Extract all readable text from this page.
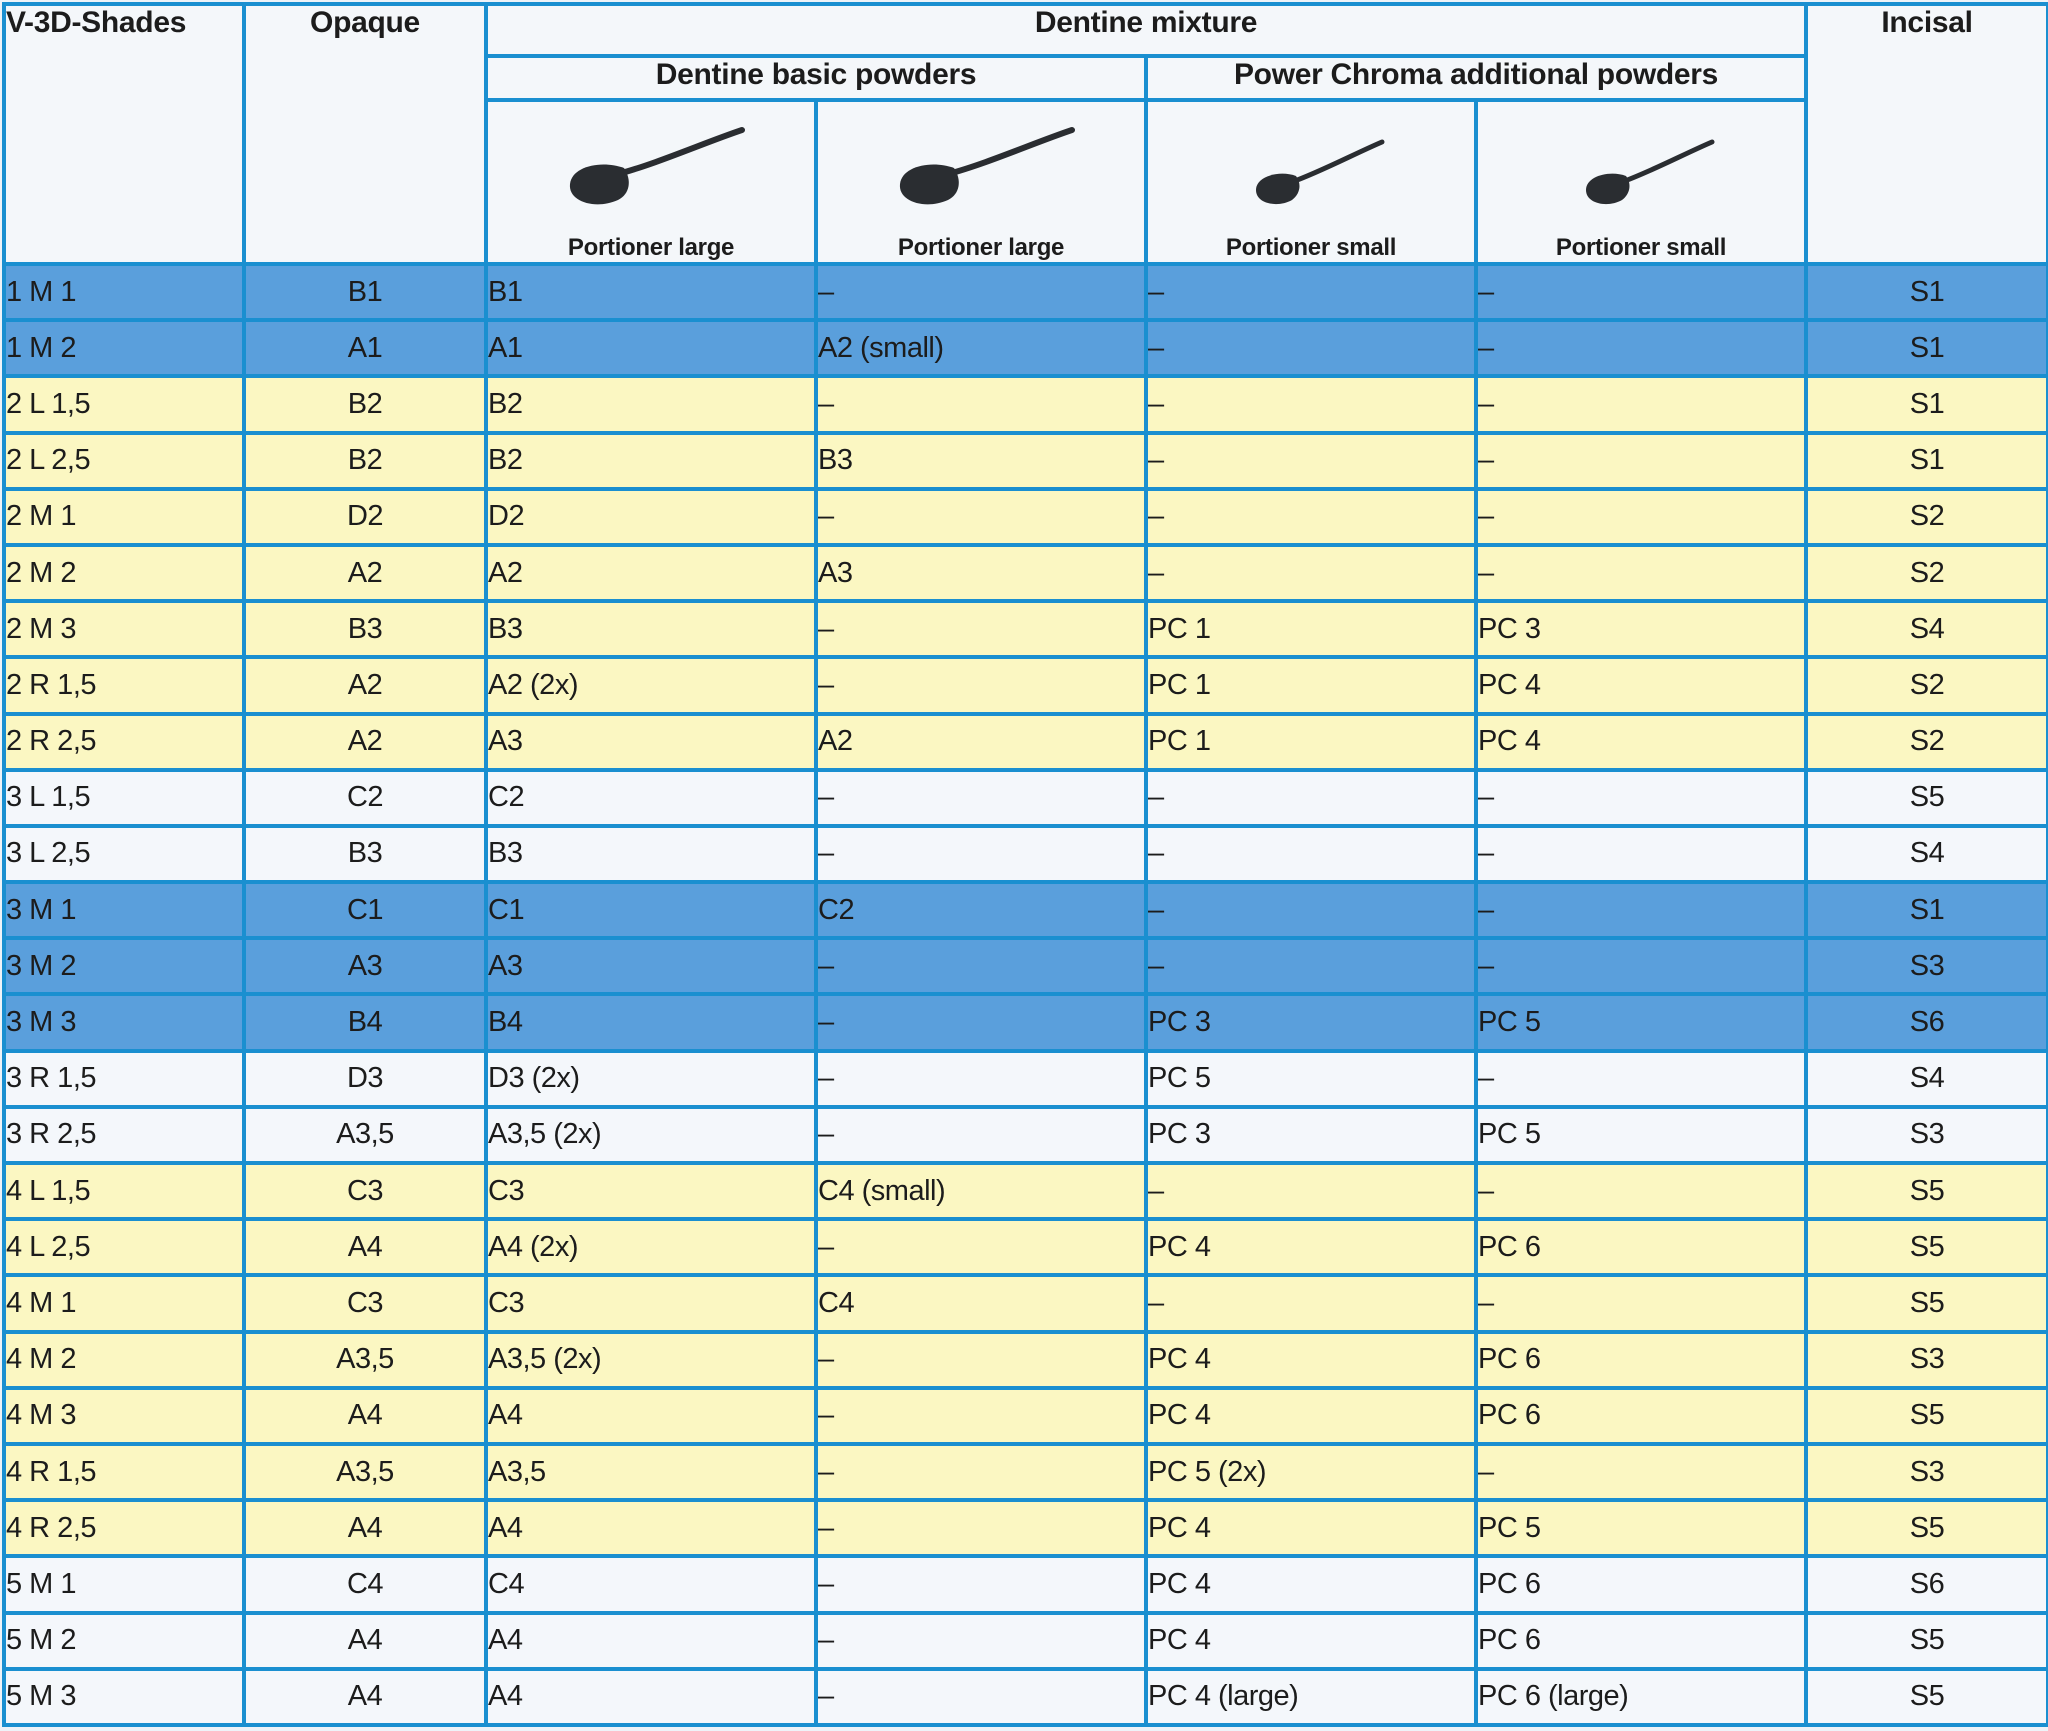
V-3D-Shades	Opaque	Dentine mixture				Incisal
		Dentine basic powders		Power Chroma additional powders		

		Portioner large	Portioner large	Portioner small	Portioner small	

1 M 1	B1	B1	–	–	–	S1
1 M 2	A1	A1	A2 (small)	–	–	S1
2 L 1,5	B2	B2	–	–	–	S1
2 L 2,5	B2	B2	B3	–	–	S1
2 M 1	D2	D2	–	–	–	S2
2 M 2	A2	A2	A3	–	–	S2
2 M 3	B3	B3	–	PC 1	PC 3	S4
2 R 1,5	A2	A2 (2x)	–	PC 1	PC 4	S2
2 R 2,5	A2	A3	A2	PC 1	PC 4	S2
3 L 1,5	C2	C2	–	–	–	S5
3 L 2,5	B3	B3	–	–	–	S4
3 M 1	C1	C1	C2	–	–	S1
3 M 2	A3	A3	–	–	–	S3
3 M 3	B4	B4	–	PC 3	PC 5	S6
3 R 1,5	D3	D3 (2x)	–	PC 5	–	S4
3 R 2,5	A3,5	A3,5 (2x)	–	PC 3	PC 5	S3
4 L 1,5	C3	C3	C4 (small)	–	–	S5
4 L 2,5	A4	A4 (2x)	–	PC 4	PC 6	S5
4 M 1	C3	C3	C4	–	–	S5
4 M 2	A3,5	A3,5 (2x)	–	PC 4	PC 6	S3
4 M 3	A4	A4	–	PC 4	PC 6	S5
4 R 1,5	A3,5	A3,5	–	PC 5 (2x)	–	S3
4 R 2,5	A4	A4	–	PC 4	PC 5	S5
5 M 1	C4	C4	–	PC 4	PC 6	S6
5 M 2	A4	A4	–	PC 4	PC 6	S5
5 M 3	A4	A4	–	PC 4 (large)	PC 6 (large)	S5
